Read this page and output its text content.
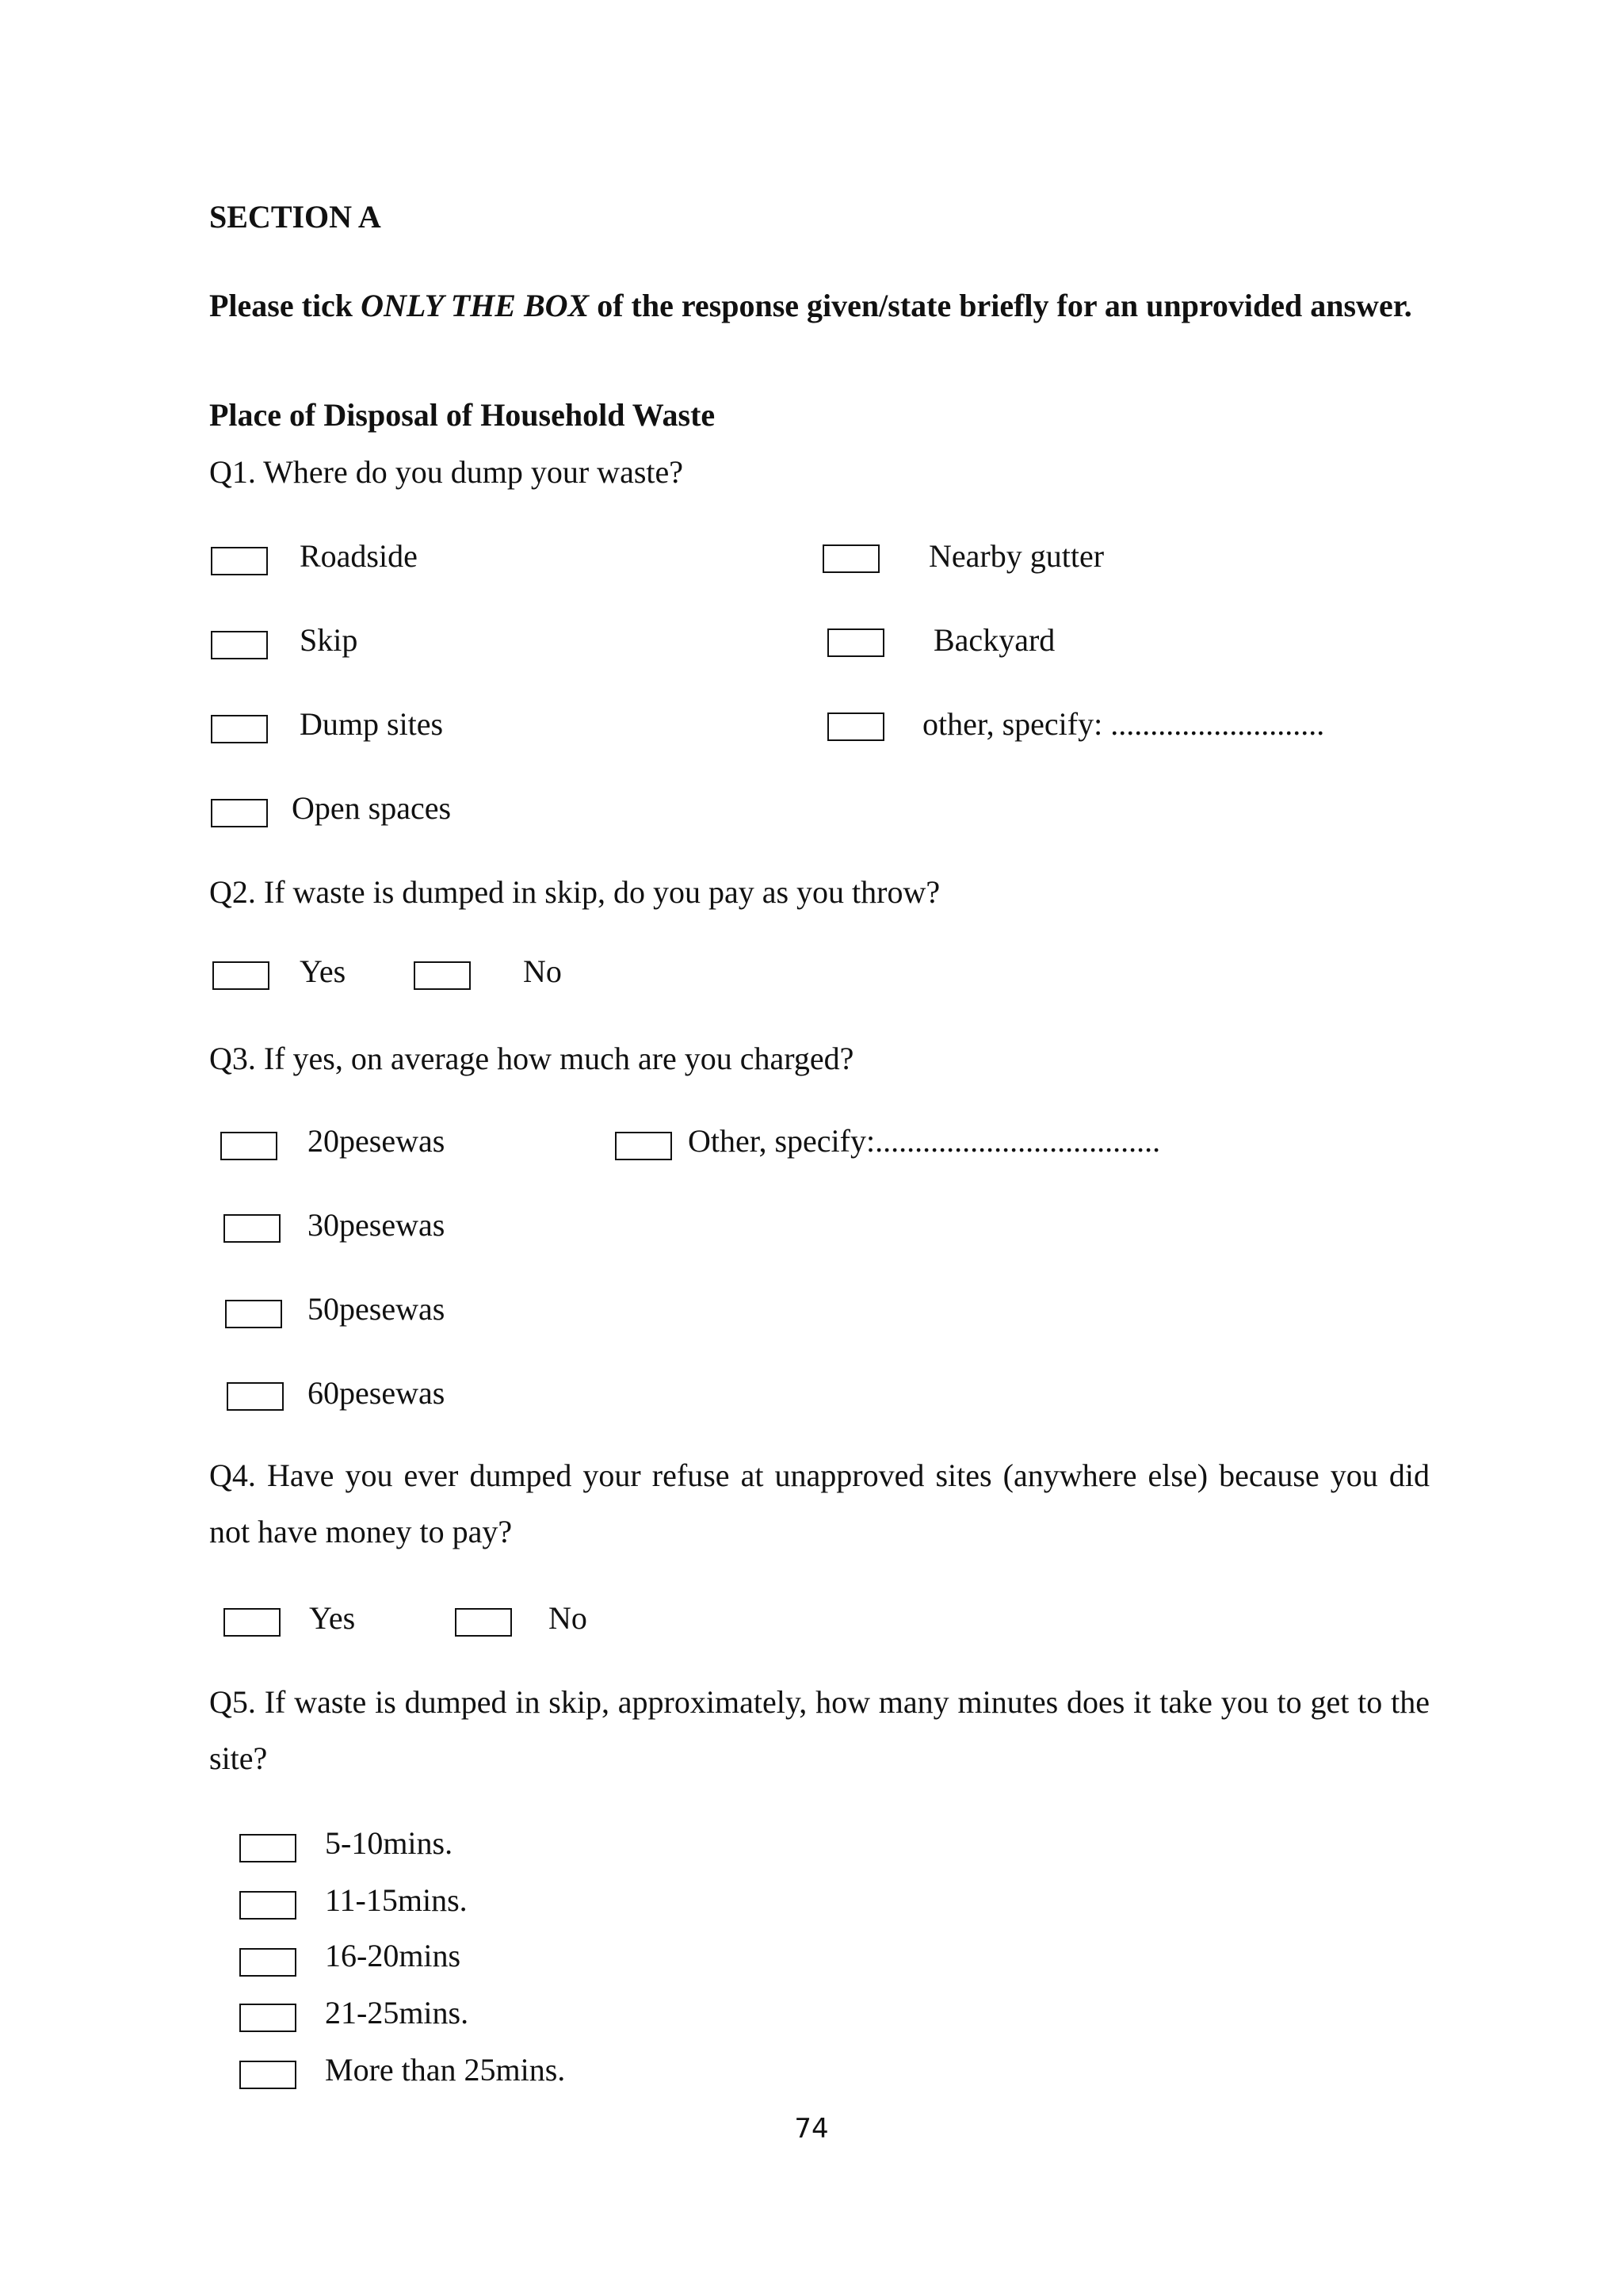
SECTION A
Please tick ONLY THE BOX of the response given/state briefly for an unprovided answer.
Place of Disposal of Household Waste
Q1. Where do you dump your waste?
Roadside	Nearby gutter
Skip	Backyard
Dump sites	other, specify: ...........................
Open spaces
Q2. If waste is dumped in skip, do you pay as you throw?
Yes	No
Q3. If yes, on average how much are you charged?
20pesewas	Other, specify:....................................
30pesewas
50pesewas
60pesewas
Q4. Have you ever dumped your refuse at unapproved sites (anywhere else) because you did not have money to pay?
Yes	No
Q5. If waste is dumped in skip, approximately, how many minutes does it take you to get to the site?
5-10mins.
11-15mins.
16-20mins
21-25mins.
More than 25mins.
74
